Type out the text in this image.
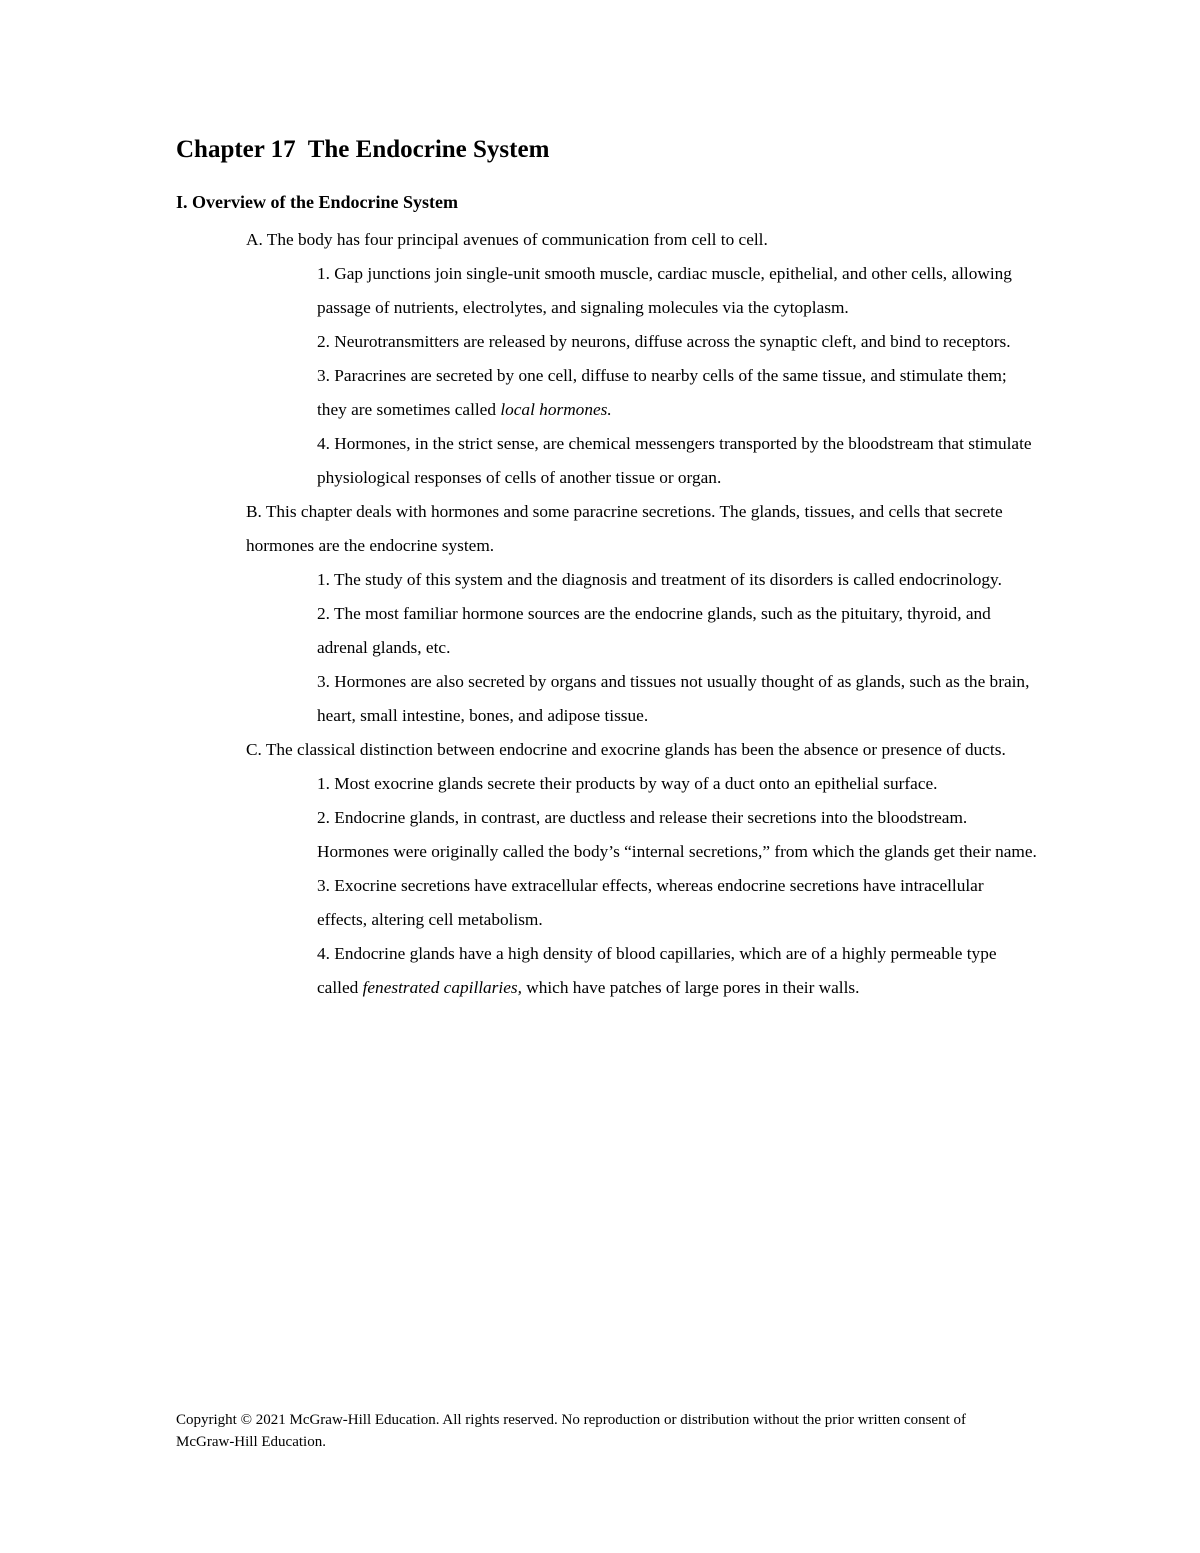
Chapter 17  The Endocrine System
I. Overview of the Endocrine System

A. The body has four principal avenues of communication from cell to cell.

1. Gap junctions join single-unit smooth muscle, cardiac muscle, epithelial, and other cells, allowing passage of nutrients, electrolytes, and signaling molecules via the cytoplasm.

2. Neurotransmitters are released by neurons, diffuse across the synaptic cleft, and bind to receptors.

3. Paracrines are secreted by one cell, diffuse to nearby cells of the same tissue, and stimulate them; they are sometimes called local hormones.

4. Hormones, in the strict sense, are chemical messengers transported by the bloodstream that stimulate physiological responses of cells of another tissue or organ.

B. This chapter deals with hormones and some paracrine secretions. The glands, tissues, and cells that secrete hormones are the endocrine system.

1. The study of this system and the diagnosis and treatment of its disorders is called endocrinology.

2. The most familiar hormone sources are the endocrine glands, such as the pituitary, thyroid, and adrenal glands, etc.

3. Hormones are also secreted by organs and tissues not usually thought of as glands, such as the brain, heart, small intestine, bones, and adipose tissue.

C. The classical distinction between endocrine and exocrine glands has been the absence or presence of ducts.

1. Most exocrine glands secrete their products by way of a duct onto an epithelial surface.

2. Endocrine glands, in contrast, are ductless and release their secretions into the bloodstream. Hormones were originally called the body’s “internal secretions,” from which the glands get their name.

3. Exocrine secretions have extracellular effects, whereas endocrine secretions have intracellular effects, altering cell metabolism.

4. Endocrine glands have a high density of blood capillaries, which are of a highly permeable type called fenestrated capillaries, which have patches of large pores in their walls.

Copyright © 2021 McGraw-Hill Education. All rights reserved. No reproduction or distribution without the prior written consent of McGraw-Hill Education.
